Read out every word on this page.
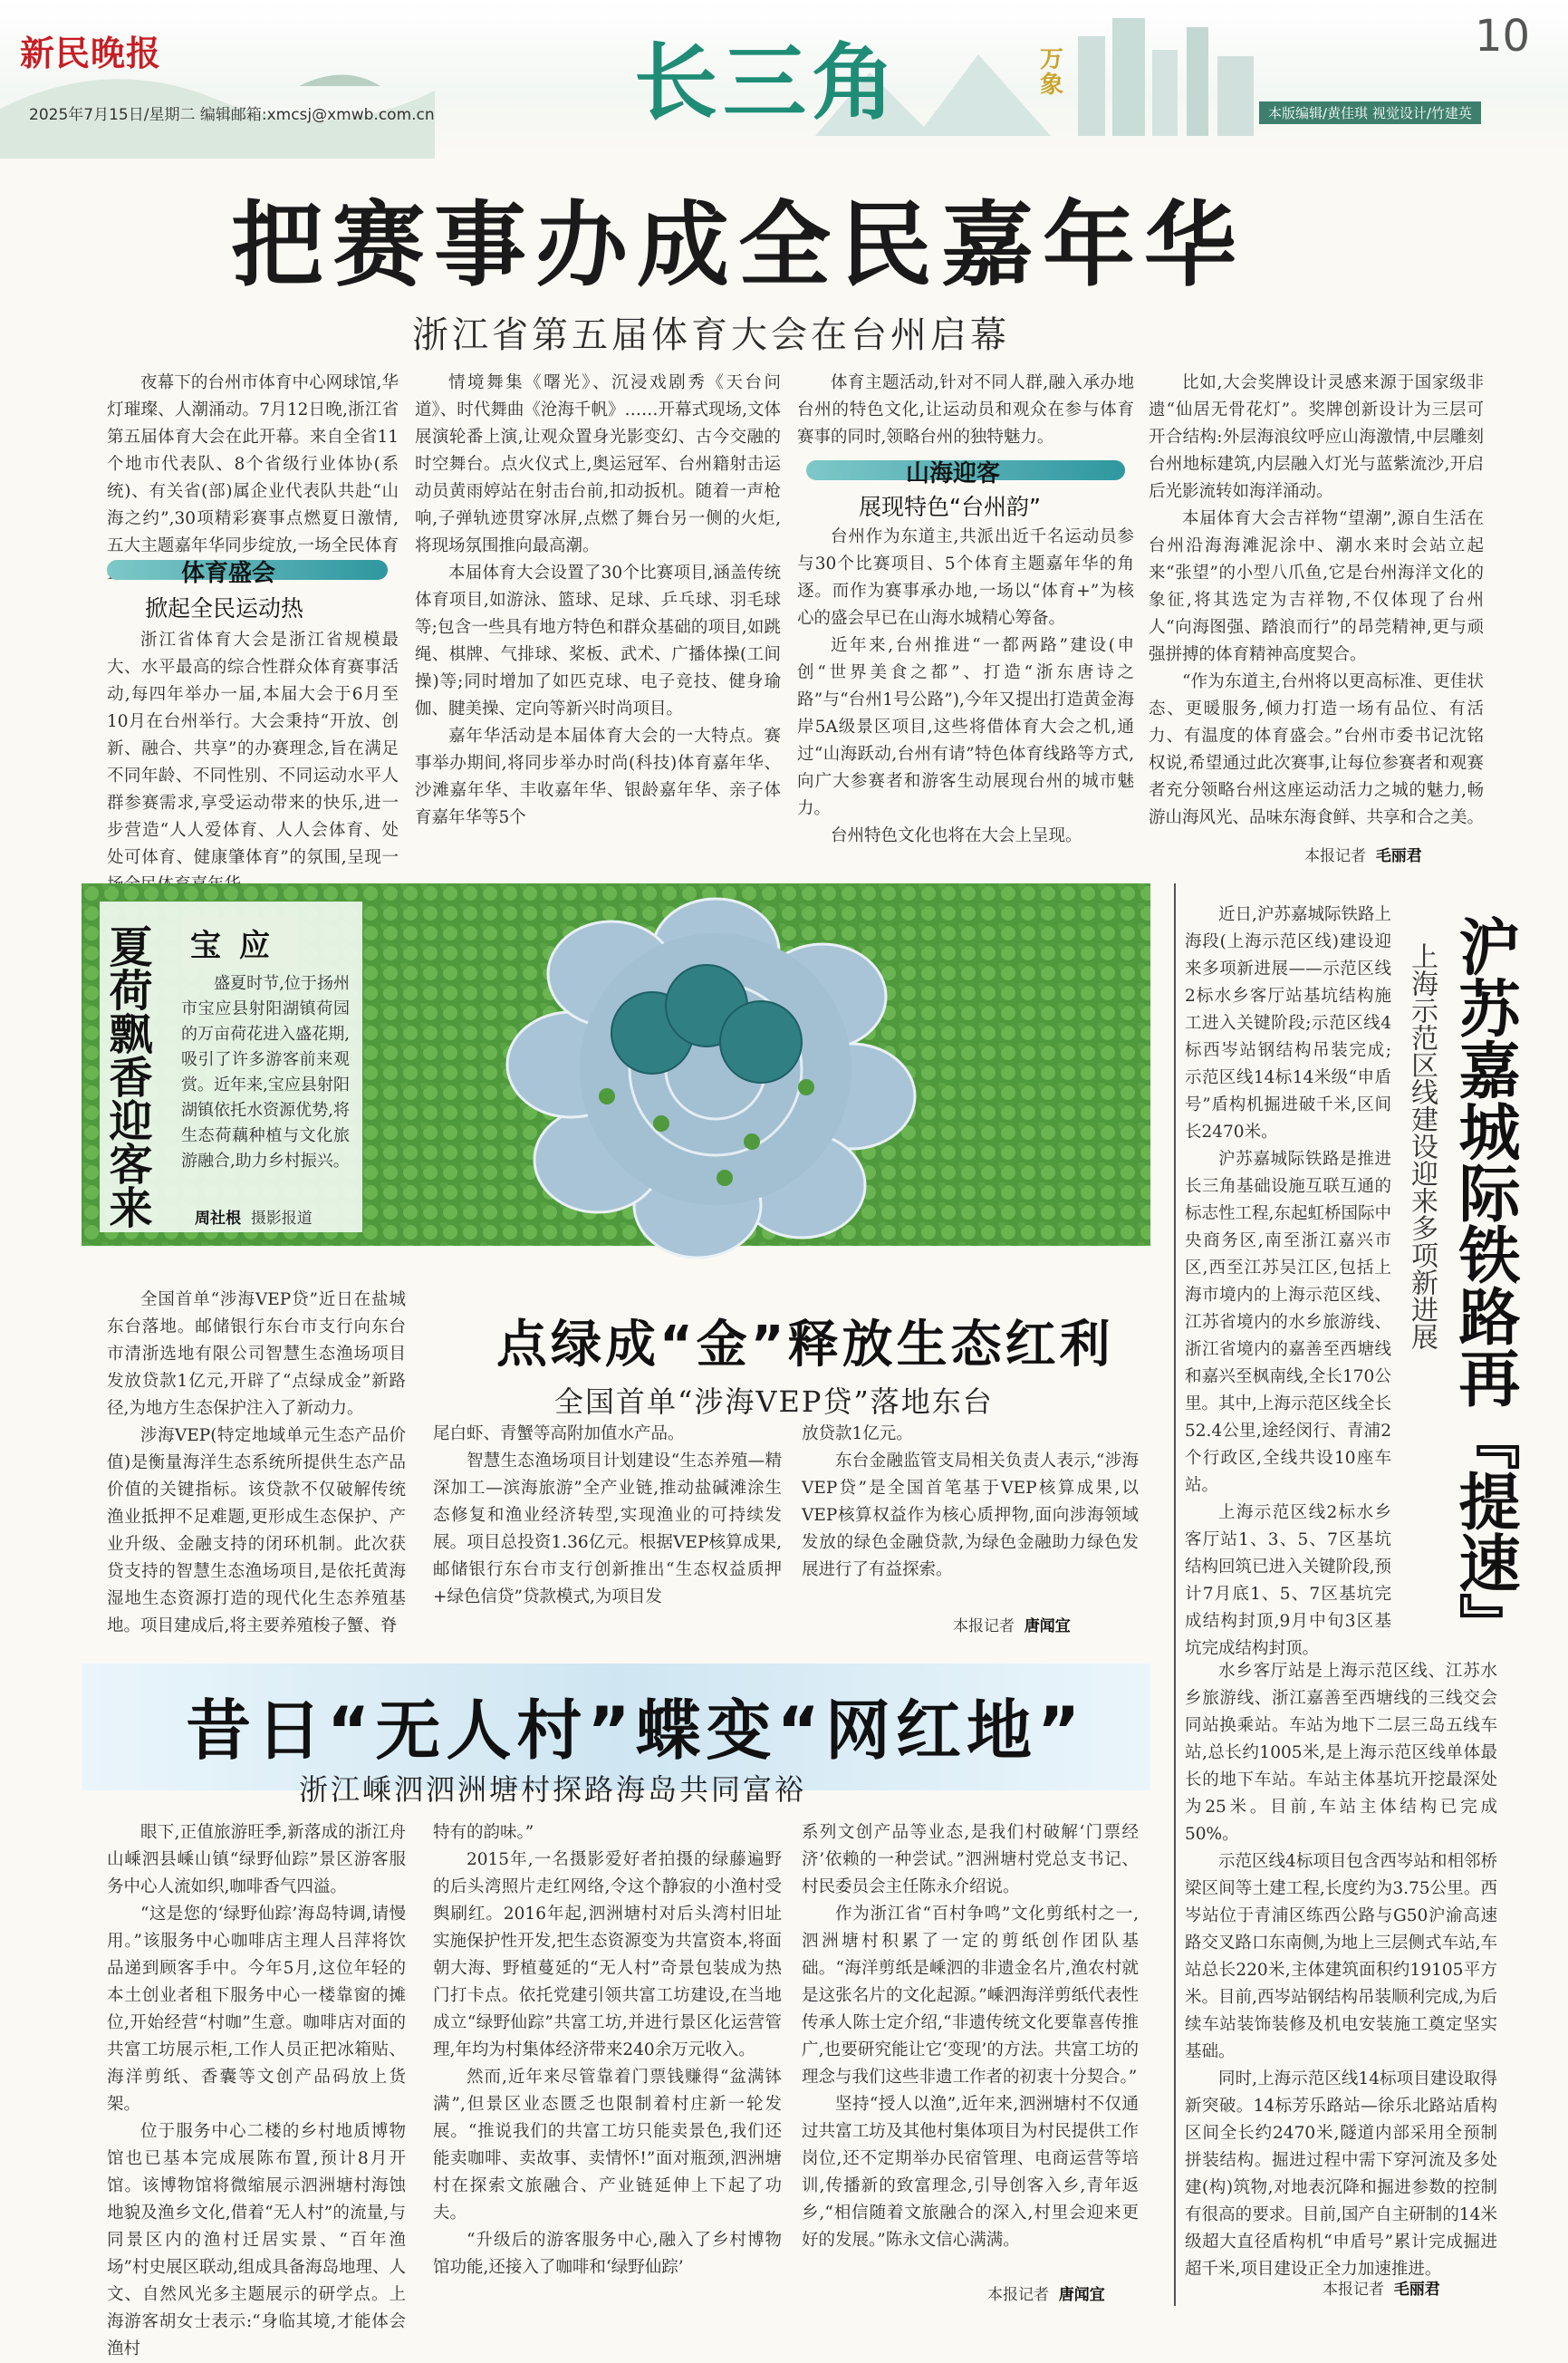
新民晚报
2025年7月15日/星期二 编辑邮箱:xmcsj@xmwb.com.cn 长三角	万象
10
本版编辑/黄佳琪 视觉设计/竹建英
把赛事办成全民嘉年华
浙江省第五届体育大会在台州启幕

夜幕下的台州市体育中心网球馆,华灯璀璨、人潮涌动。7月12日晚,浙江省第五届体育大会在此开幕。来自全省11个地市代表队、8个省级行业体协(系统)、有关省(部)属企业代表队共赴“山海之约”,30项精彩赛事点燃夏日激情,五大主题嘉年华同步绽放,一场全民体育

体育盛会
掀起全民运动热

浙江省体育大会是浙江省规模最大、水平最高的综合性群众体育赛事活动,每四年举办一届,本届大会于6月至10月在台州举行。大会秉持“开放、创新、融合、共享”的办赛理念,旨在满足不同年龄、不同性别、不同运动水平人群参赛需求,享受运动带来的快乐,进一步营造“人人爱体育、人人会体育、处处可体育、健康肇体育”的氛围,呈现一

情境舞集《曙光》、沉浸戏剧秀《天台问道》、时代舞曲《沧海千帆》……开幕式现场,文体展演轮番上演,让观众置身光影变幻、古今交融的时空舞台。点火仪式上,奥运冠军、台州籍射击运动员黄雨婷站在射击台前,扣动扳机。随着一声枪响,子弹轨迹贯穿冰屏,点燃了舞台另一侧的火炬,将现场氛围推向最高潮。

本届体育大会设置了30个比赛项目,涵盖传统体育项目,如游泳、篮球、足球、乒乓球、羽毛球等;包含一些具有地方特色和群众基础的项目,如跳绳、棋牌、气排球、桨板、武术、广播体操(工间操)等;同时增加了如匹克球、电子竞技、健身瑜伽、腱美操、定向等新兴时尚项目。

嘉年华活动是本届体育大会的一大特点。赛事举办期间,将同步举办时尚(科技)体育嘉年华、沙滩嘉年华、丰收嘉年华、银龄嘉年华、亲子体育嘉年华等5个

体育主题活动,针对不同人群,融入承办地台州的特色文化,让运动员和观众在参与体育赛事的同时,领略台州的独特魅力。

山海迎客
展现特色“台州韵”

台州作为东道主,共派出近千名运动员参与30个比赛项目、5个体育主题嘉年华的角逐。而作为赛事承办地,一场以“体育+”为核心的盛会早已在山海水城精心筹备。

近年来,台州推进“一都两路”建设(申创“世界美食之都”、打造“浙东唐诗之路”与“台州1号公路”),今年又提出打造黄金海岸5A级景区项目,这些将借体育大会之机,通过“山海跃动,台州有请”特色体育线路等方式,向广大参赛者和游客生动展现台州的城市魅力。

台州特色文化也将在大会上呈现。

比如,大会奖牌设计灵感来源于国家级非遗“仙居无骨花灯”。奖牌创新设计为三层可开合结构:外层海浪纹呼应山海激情,中层雕刻台州地标建筑,内层融入灯光与蓝紫流沙,开启后光影流转如海洋涌动。

本届体育大会吉祥物“望潮”,源自生活在台州沿海海滩泥涂中、潮水来时会站立起来“张望”的小型八爪鱼,它是台州海洋文化的象征,将其选定为吉祥物,不仅体现了台州人“向海图强、踏浪而行”的昂莞精神,更与顽强拼搏的体育精神高度契合。

“作为东道主,台州将以更高标准、更佳状态、更暖服务,倾力打造一场有品位、有活力、有温度的体育盛会。”台州市委书记沈铭权说,希望通过此次赛事,让每位参赛者和观赛者充分领略台州这座运动活力之城的魅力,畅游山海风光、品味东海食鲜、共享和合之美。

本报记者 毛丽君
夏荷飘香迎客来 宝应

盛夏时节,位于扬州市宝应县射阳湖镇荷园的万亩荷花进入盛花期,吸引了许多游客前来观赏。近年来,宝应县射阳湖镇依托水资源优势,将生态荷藕种植与文化旅游融合,助力乡村振兴。

周社根 摄影报道
点绿成“金”释放生态红利
全国首单“涉海VEP贷”落地东台

全国首单“涉海VEP贷”近日在盐城东台落地。邮储银行东台市支行向东台市清浙选地有限公司智慧生态渔场项目发放贷款1亿元,开辟了“点绿成金”新路径,为地方生态保护注入了新动力。

涉海VEP(特定地域单元生态产品价值)是衡量海洋生态系统所提供生态产品价值的关键指标。该贷款不仅破解传统渔业抵押不足难题,更形成生态保护、产业升级、金融支持的闭环机制。此次获贷支持的智慧生态渔场项目,是依托黄海湿地生态资源打造的现代化生态养殖基地。项目建成后,将主要养殖梭子蟹、脊

尾白虾、青蟹等高附加值水产品。

智慧生态渔场项目计划建设“生态养殖—精深加工—滨海旅游”全产业链,推动盐碱滩涂生态修复和渔业经济转型,实现渔业的可持续发展。项目总投资1.36亿元。根据VEP核算成果,邮储银行东台市支行创新推出“生态权益质押+绿色信贷”贷款模式,为项目发

放贷款1亿元。

东台金融监管支局相关负责人表示,“涉海VEP贷”是全国首笔基于VEP核算成果,以VEP核算权益作为核心质押物,面向涉海领域发放的绿色金融贷款,为绿色金融助力绿色发展进行了有益探索。

本报记者 唐闻宜	沪苏嘉城际铁路再『提速』
上海示范区线建设迎来多项新进展

近日,沪苏嘉城际铁路上海段(上海示范区线)建设迎来多项新进展——示范区线2标水乡客厅站基坑结构施工进入关键阶段;示范区线4标西岑站钢结构吊装完成;示范区线14标14米级“申盾号”盾构机掘进破千米,区间长2470米。

沪苏嘉城际铁路是推进长三角基础设施互联互通的标志性工程,东起虹桥国际中央商务区,南至浙江嘉兴市区,西至江苏吴江区,包括上海市境内的上海示范区线、江苏省境内的水乡旅游线、浙江省境内的嘉善至西塘线和嘉兴至枫南线,全长170公里。其中,上海示范区线全长52.4公里,途经闵行、青浦2个行政区,全线共设10座车站。

上海示范区线2标水乡客厅站1、3、5、7区基坑结构回筑已进入关键阶段,预计7月底1、5、7区基坑完成结构封顶,9月中旬3区基坑完成结构封顶。

水乡客厅站是上海示范区线、江苏水乡旅游线、浙江嘉善至西塘线的三线交会同站换乘站。车站为地下二层三岛五线车站,总长约1005米,是上海示范区线单体最长的地下车站。车站主体基坑开挖最深处为25米。目前,车站主体结构已完成50%。

示范区线4标项目包含西岑站和相邻桥梁区间等土建工程,长度约为3.75公里。西岑站位于青浦区练西公路与G50沪渝高速路交叉路口东南侧,为地上三层侧式车站,车站总长220米,主体建筑面积约19105平方米。目前,西岑站钢结构吊装顺利完成,为后续车站装饰装修及机电安装施工奠定坚实基础。

同时,上海示范区线14标项目建设取得新突破。14标芳乐路站—徐乐北路站盾构区间全长约2470米,隧道内部采用全预制拼装结构。掘进过程中需下穿河流及多处建(构)筑物,对地表沉降和掘进参数的控制有很高的要求。目前,国产自主研制的14米级超大直径盾构机“申盾号”累计完成掘进超千米,项目建设正全力加速推进。

本报记者 毛丽君
昔日“无人村”蝶变“网红地”
浙江嵊泗泗洲塘村探路海岛共同富裕

眼下,正值旅游旺季,新落成的浙江舟山嵊泗县嵊山镇“绿野仙踪”景区游客服务中心人流如织,咖啡香气四溢。

“这是您的‘绿野仙踪’海岛特调,请慢用。”该服务中心咖啡店主理人吕萍将饮品递到顾客手中。今年5月,这位年轻的本土创业者租下服务中心一楼靠窗的摊位,开始经营“村咖”生意。咖啡店对面的共富工坊展示柜,工作人员正把冰箱贴、海洋剪纸、香囊等文创产品码放上货架。

位于服务中心二楼的乡村地质博物馆也已基本完成展陈布置,预计8月开馆。该博物馆将微缩展示泗洲塘村海蚀地貌及渔乡文化,借着“无人村”的流量,与同景区内的渔村迁居实景、“百年渔场”村史展区联动,组成具备海岛地理、人文、自然风光多主题展示的研学点。上海游客胡女士表示:“身临其境,才能体会渔村

特有的韵味。”

2015年,一名摄影爱好者拍摄的绿藤遍野的后头湾照片走红网络,令这个静寂的小渔村受舆刷红。2016年起,泗洲塘村对后头湾村旧址实施保护性开发,把生态资源变为共富资本,将面朝大海、野植蔓延的“无人村”奇景包装成为热门打卡点。依托党建引领共富工坊建设,在当地成立“绿野仙踪”共富工坊,并进行景区化运营管理,年均为村集体经济带来240余万元收入。

然而,近年来尽管靠着门票钱赚得“盆满钵满”,但景区业态匮乏也限制着村庄新一轮发展。“推说我们的共富工坊只能卖景色,我们还能卖咖啡、卖故事、卖情怀!”面对瓶颈,泗洲塘村在探索文旅融合、产业链延伸上下起了功夫。

“升级后的游客服务中心,融入了乡村博物馆功能,还接入了咖啡和‘绿野仙踪’

系列文创产品等业态,是我们村破解‘门票经济’依赖的一种尝试。”泗洲塘村党总支书记、村民委员会主任陈永介绍说。

作为浙江省“百村争鸣”文化剪纸村之一,泗洲塘村积累了一定的剪纸创作团队基础。“海洋剪纸是嵊泗的非遗金名片,渔农村就是这张名片的文化起源。”嵊泗海洋剪纸代表性传承人陈士定介绍,“非遗传统文化要靠喜传推广,也要研究能让它‘变现’的方法。共富工坊的理念与我们这些非遗工作者的初衷十分契合。”

坚持“授人以渔”,近年来,泗洲塘村不仅通过共富工坊及其他村集体项目为村民提供工作岗位,还不定期举办民宿管理、电商运营等培训,传播新的致富理念,引导创客入乡,青年返乡,“相信随着文旅融合的深入,村里会迎来更好的发展。”陈永文信心满满。

本报记者 唐闻宜
